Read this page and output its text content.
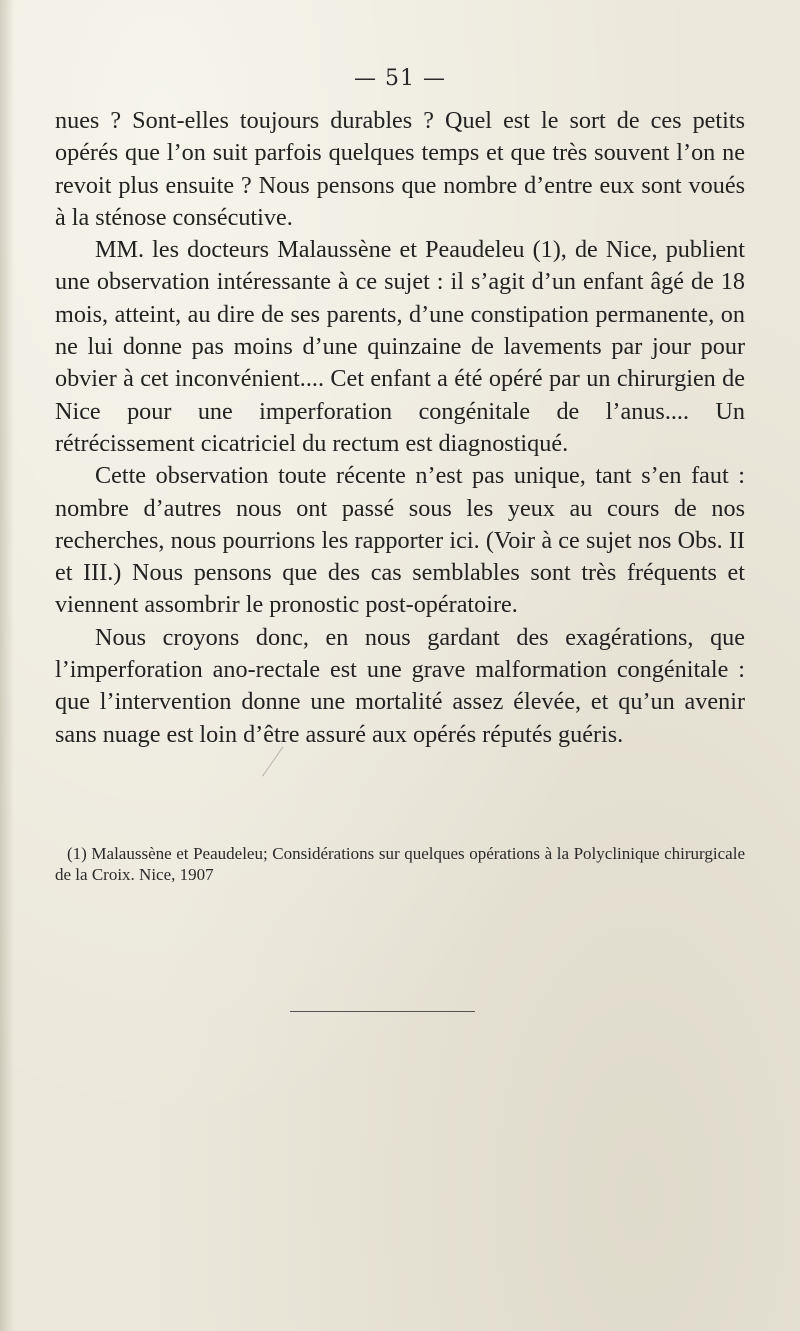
— 51 —

nues ? Sont-elles toujours durables ? Quel est le sort de ces petits opérés que l’on suit parfois quelques temps et que très souvent l’on ne revoit plus ensuite ? Nous pensons que nombre d’entre eux sont voués à la sténose consécutive.

MM. les docteurs Malaussène et Peaudeleu (1), de Nice, publient une observation intéressante à ce sujet : il s’agit d’un enfant âgé de 18 mois, atteint, au dire de ses parents, d’une constipation permanente, on ne lui donne pas moins d’une quinzaine de lavements par jour pour obvier à cet inconvénient.... Cet enfant a été opéré par un chirurgien de Nice pour une imperforation congénitale de l’anus.... Un rétrécissement cicatriciel du rectum est diagnostiqué.

Cette observation toute récente n’est pas unique, tant s’en faut : nombre d’autres nous ont passé sous les yeux au cours de nos recherches, nous pourrions les rapporter ici. (Voir à ce sujet nos Obs. II et III.) Nous pensons que des cas semblables sont très fréquents et viennent assombrir le pronostic post-opératoire.

Nous croyons donc, en nous gardant des exagérations, que l’imperforation ano-rectale est une grave malformation congénitale : que l’intervention donne une mortalité assez élevée, et qu’un avenir sans nuage est loin d’être assuré aux opérés réputés guéris.

(1) Malaussène et Peaudeleu; Considérations sur quelques opérations à la Polyclinique chirurgicale de la Croix. Nice, 1907
